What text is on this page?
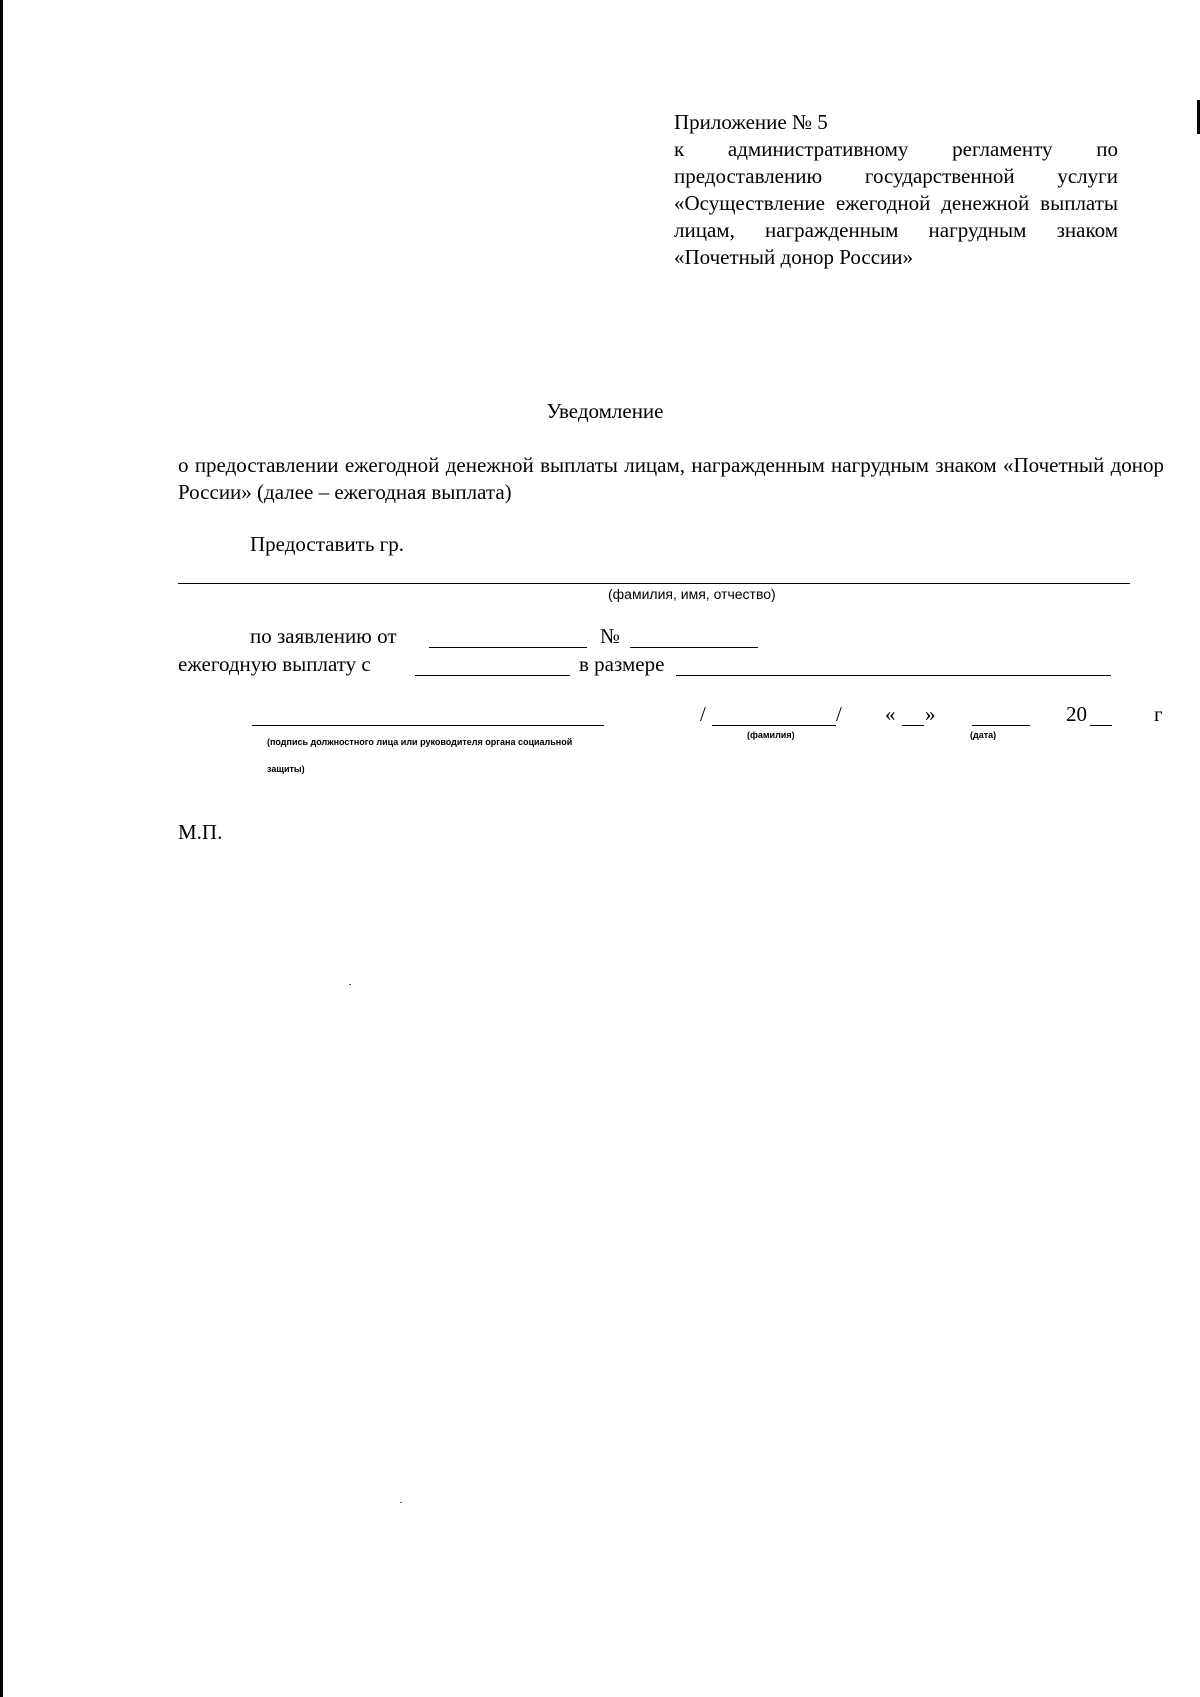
Приложение № 5
к административному регламенту по предоставлению государственной услуги «Осуществление ежегодной денежной выплаты лицам, награжденным нагрудным знаком «Почетный донор России»
Уведомление
о предоставлении ежегодной денежной выплаты лицам, награжденным нагрудным знаком «Почетный донор России» (далее – ежегодная выплата)
Предоставить гр.
(фамилия, имя, отчество)
по заявлению от	№
ежегодную выплату с	в размере
/	/ « »	20	г
(подпись должностного лица или руководителя органа социальной защиты)
(фамилия)	(дата)
М.П.
